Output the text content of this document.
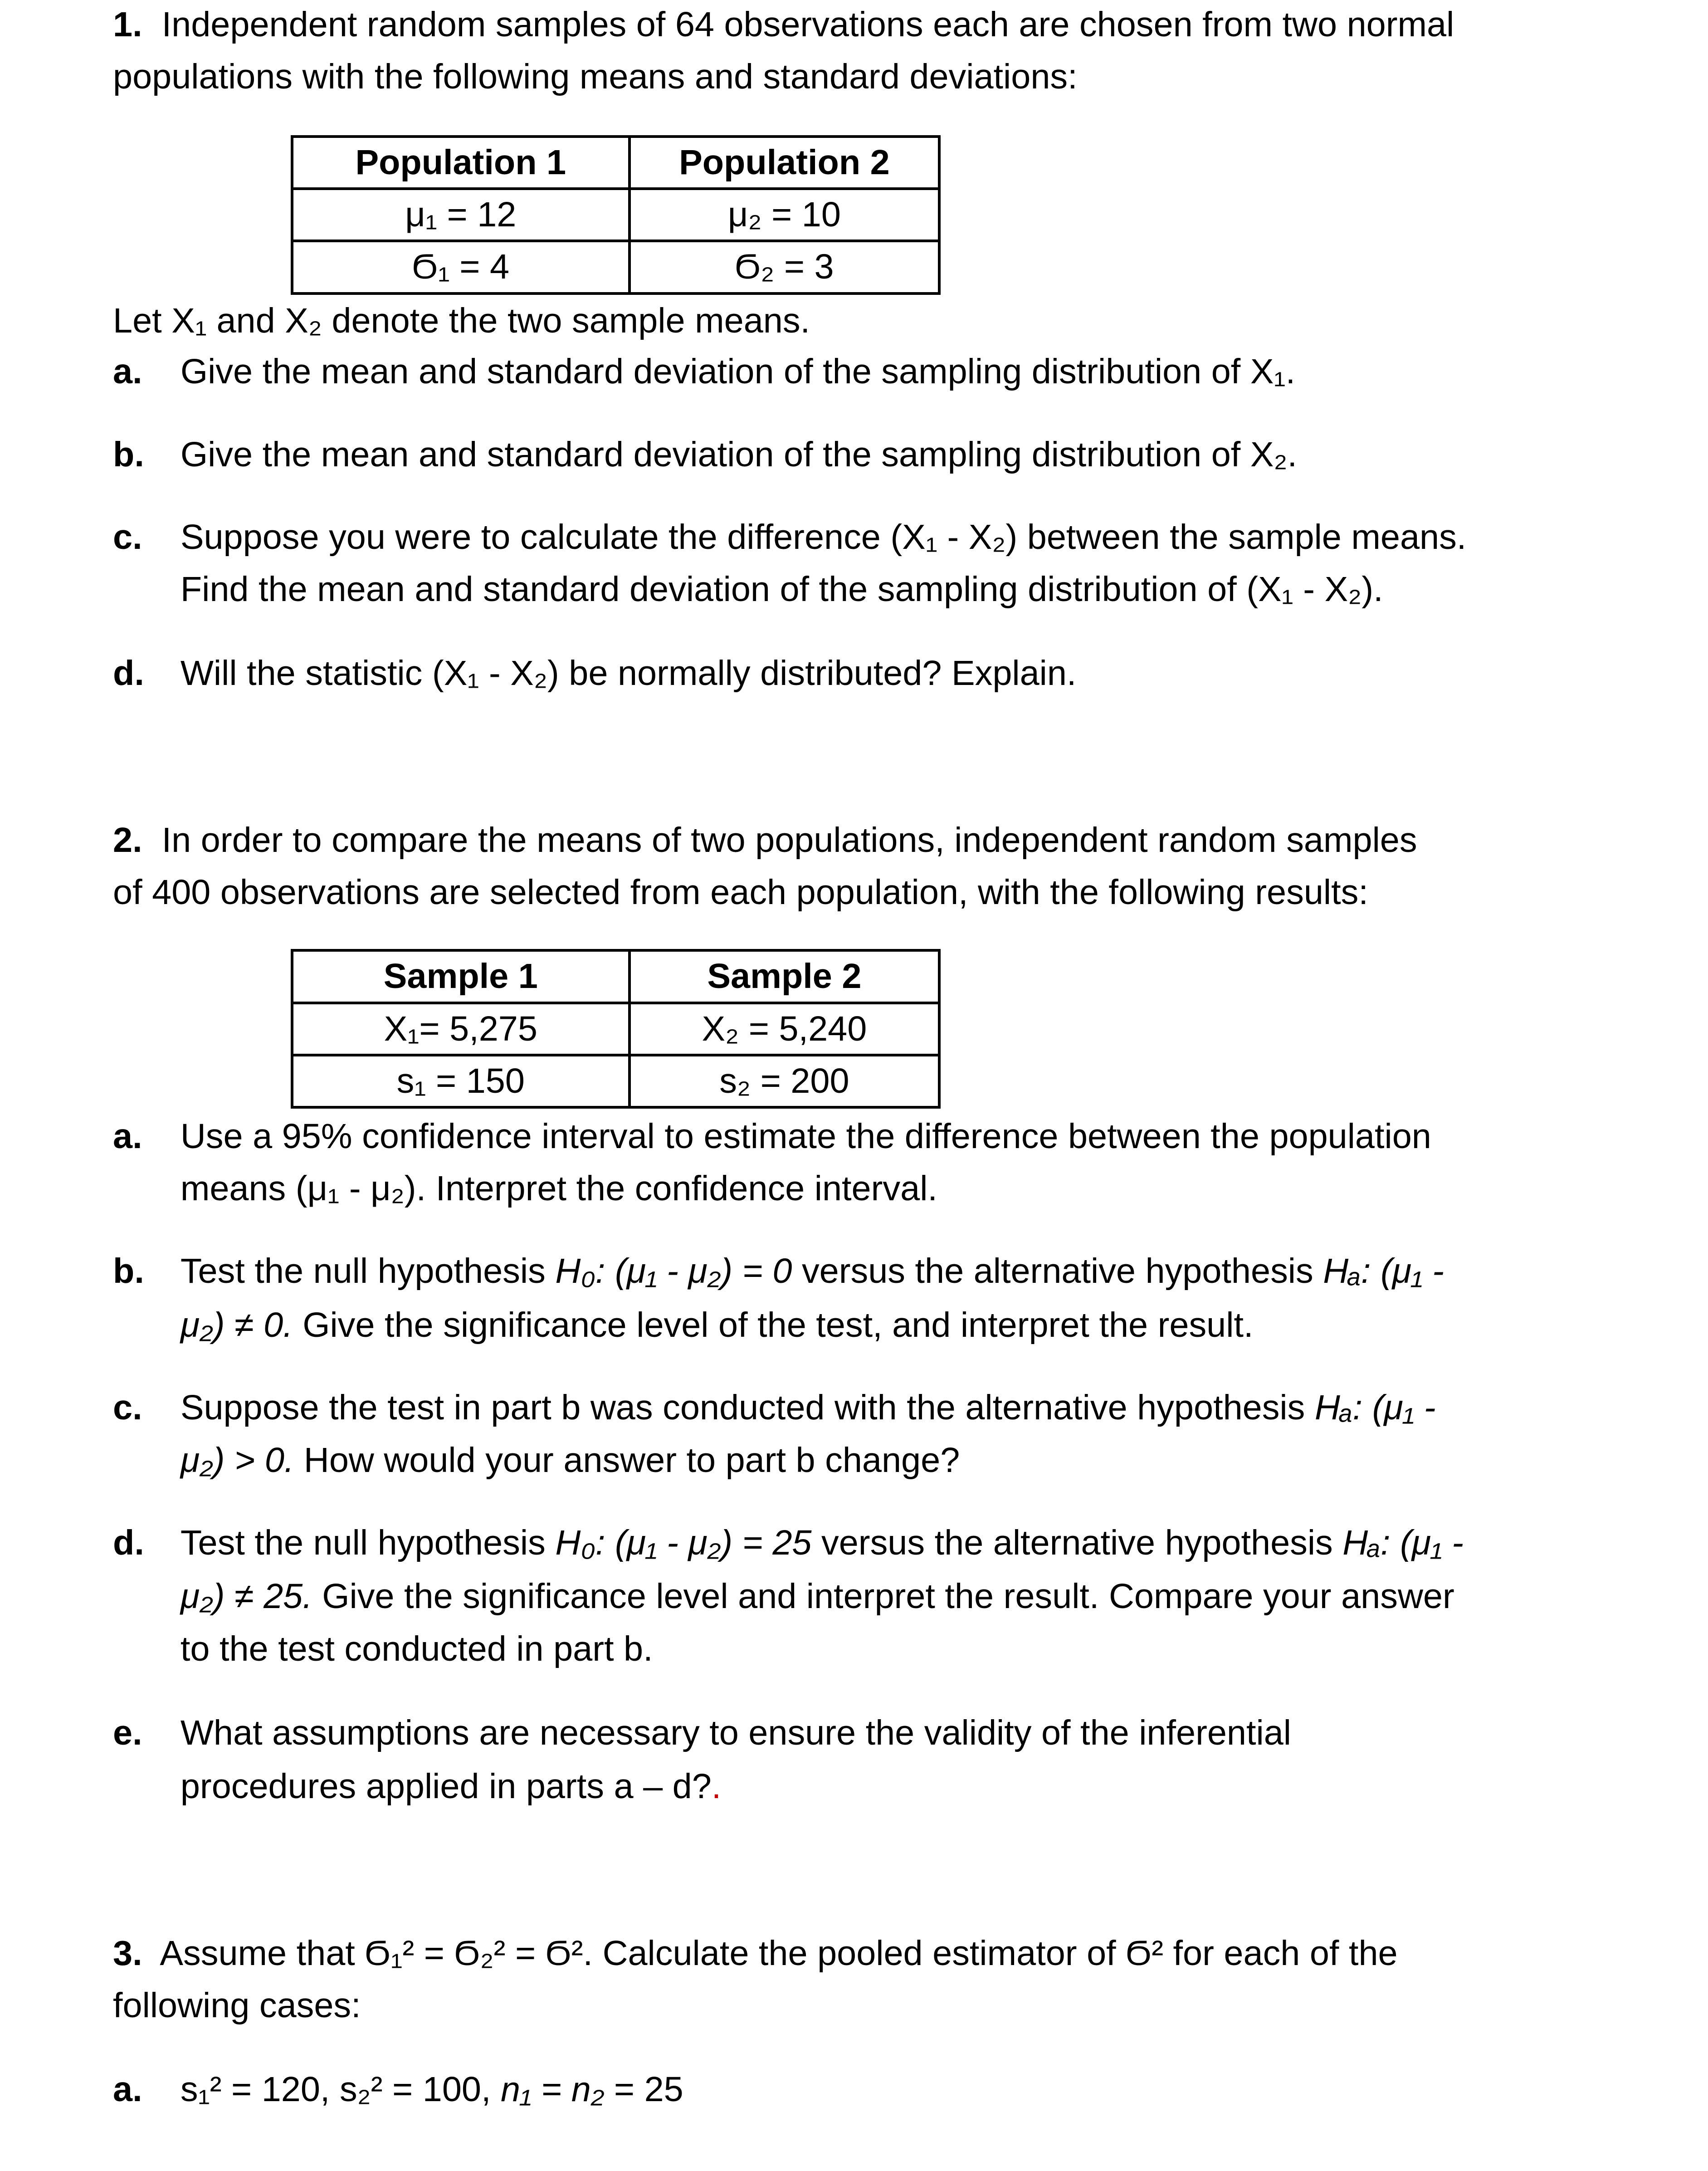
1. Independent random samples of 64 observations each are chosen from two normal
populations with the following means and standard deviations:
Population 1	Population 2
μ₁ = 12	μ₂ = 10
Ϭ₁ = 4	Ϭ₂ = 3
Let X₁ and X₂ denote the two sample means.
a.	Give the mean and standard deviation of the sampling distribution of X₁.
b.	Give the mean and standard deviation of the sampling distribution of X₂.
c.	Suppose you were to calculate the difference (X₁ - X₂) between the sample means.
Find the mean and standard deviation of the sampling distribution of (X₁ - X₂).
d.	Will the statistic (X₁ - X₂) be normally distributed? Explain.
2. In order to compare the means of two populations, independent random samples
of 400 observations are selected from each population, with the following results:
Sample 1	Sample 2
X₁= 5,275	X₂ = 5,240
s₁ = 150	s₂ = 200
a.	Use a 95% confidence interval to estimate the difference between the population
means (μ₁ - μ₂). Interpret the confidence interval.
b.	Test the null hypothesis H₀: (μ₁ - μ₂) = 0 versus the alternative hypothesis Hₐ: (μ₁ -
μ₂) ≠ 0. Give the significance level of the test, and interpret the result.
c.	Suppose the test in part b was conducted with the alternative hypothesis Hₐ: (μ₁ -
μ₂) > 0. How would your answer to part b change?
d.	Test the null hypothesis H₀: (μ₁ - μ₂) = 25 versus the alternative hypothesis Hₐ: (μ₁ -
μ₂) ≠ 25. Give the significance level and interpret the result. Compare your answer
to the test conducted in part b.
e.	What assumptions are necessary to ensure the validity of the inferential
procedures applied in parts a – d?.
3. Assume that Ϭ₁² = Ϭ₂² = Ϭ². Calculate the pooled estimator of Ϭ² for each of the
following cases:
a.	s₁² = 120, s₂² = 100, n₁ = n₂ = 25
